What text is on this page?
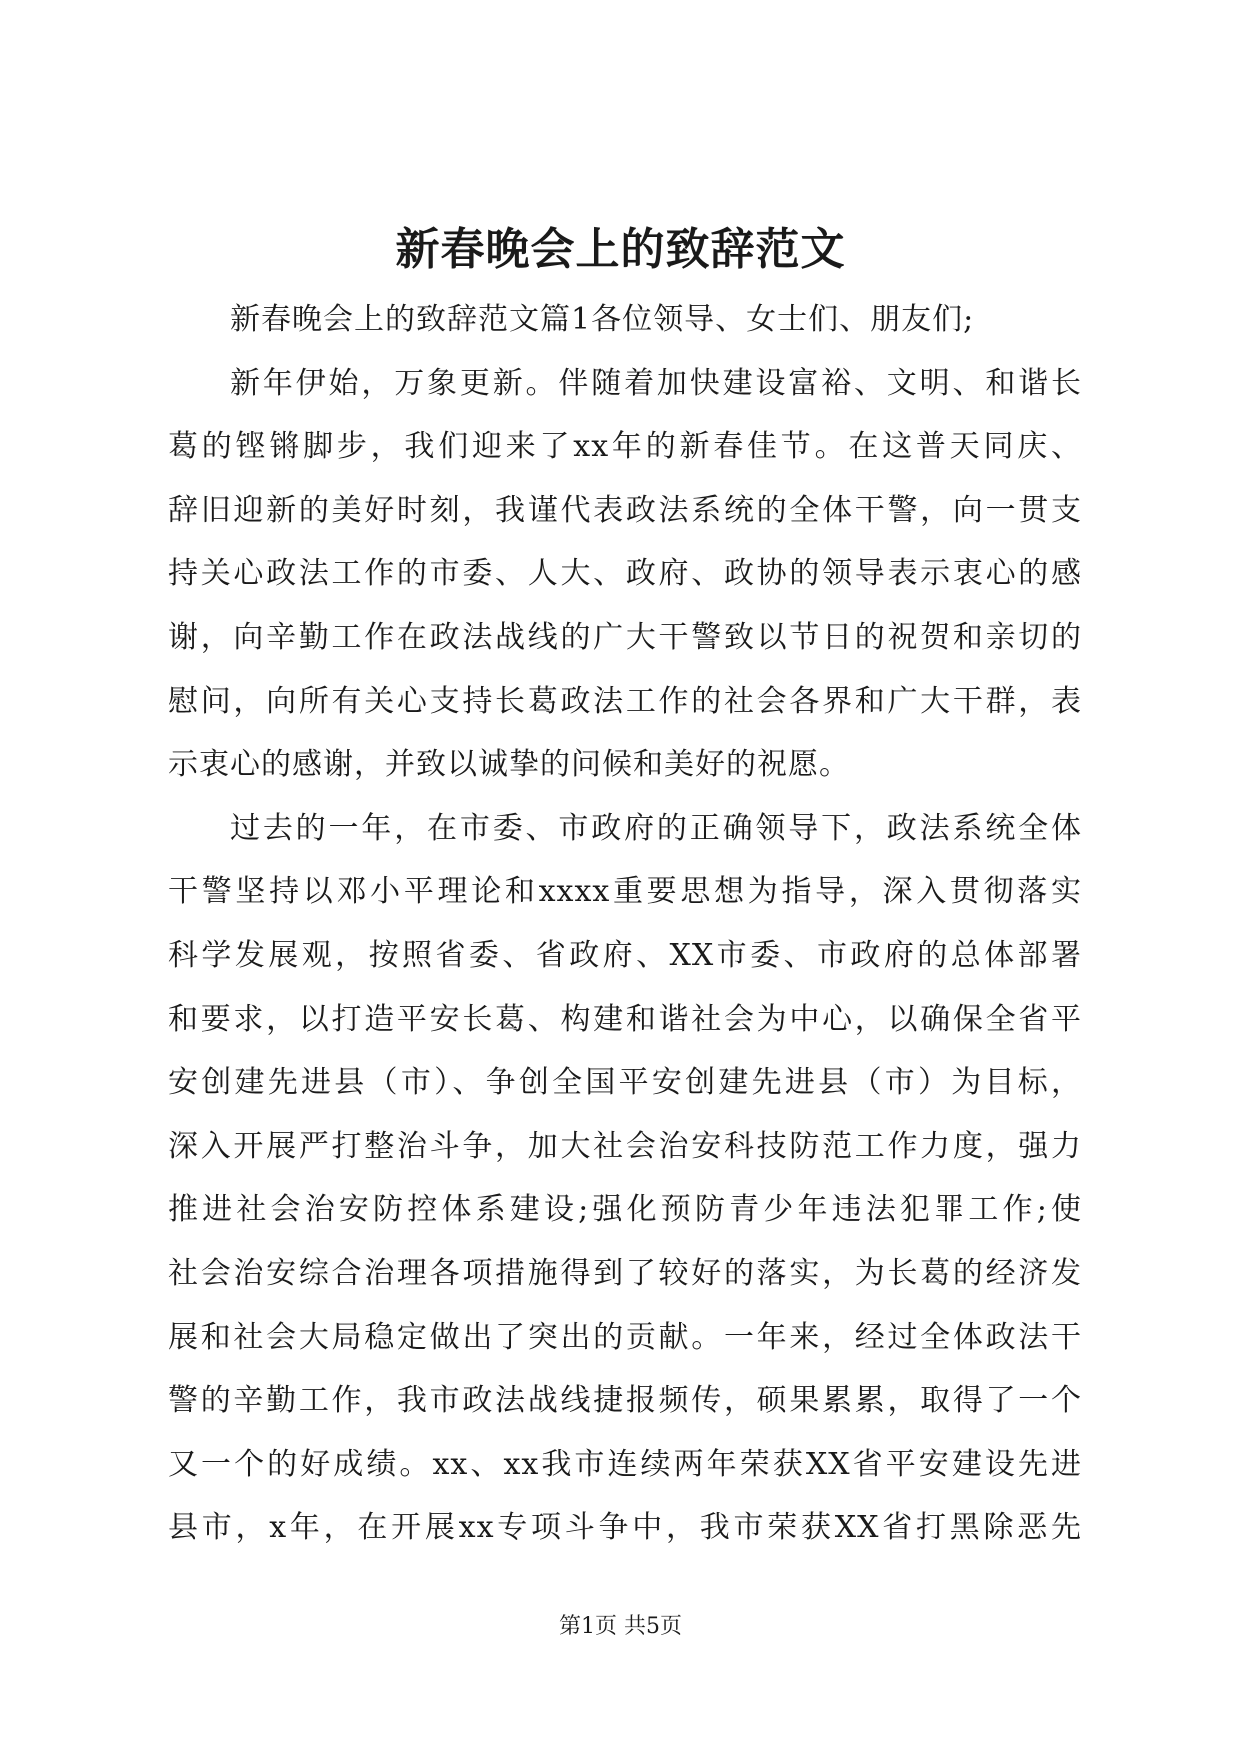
新春晚会上的致辞范文
新春晚会上的致辞范文篇1各位领导、女士们、朋友们;
新年伊始，万象更新。伴随着加快建设富裕、文明、和谐长
葛的铿锵脚步，我们迎来了xx年的新春佳节。在这普天同庆、
辞旧迎新的美好时刻，我谨代表政法系统的全体干警，向一贯支
持关心政法工作的市委、人大、政府、政协的领导表示衷心的感
谢，向辛勤工作在政法战线的广大干警致以节日的祝贺和亲切的
慰问，向所有关心支持长葛政法工作的社会各界和广大干群，表
示衷心的感谢，并致以诚挚的问候和美好的祝愿。
过去的一年，在市委、市政府的正确领导下，政法系统全体
干警坚持以邓小平理论和xxxx重要思想为指导，深入贯彻落实
科学发展观，按照省委、省政府、XX市委、市政府的总体部署
和要求，以打造平安长葛、构建和谐社会为中心，以确保全省平
安创建先进县（市）、争创全国平安创建先进县（市）为目标，
深入开展严打整治斗争，加大社会治安科技防范工作力度，强力
推进社会治安防控体系建设;强化预防青少年违法犯罪工作;使
社会治安综合治理各项措施得到了较好的落实，为长葛的经济发
展和社会大局稳定做出了突出的贡献。一年来，经过全体政法干
警的辛勤工作，我市政法战线捷报频传，硕果累累，取得了一个
又一个的好成绩。xx、xx我市连续两年荣获XX省平安建设先进
县市，x年，在开展xx专项斗争中，我市荣获XX省打黑除恶先
第1页 共5页
